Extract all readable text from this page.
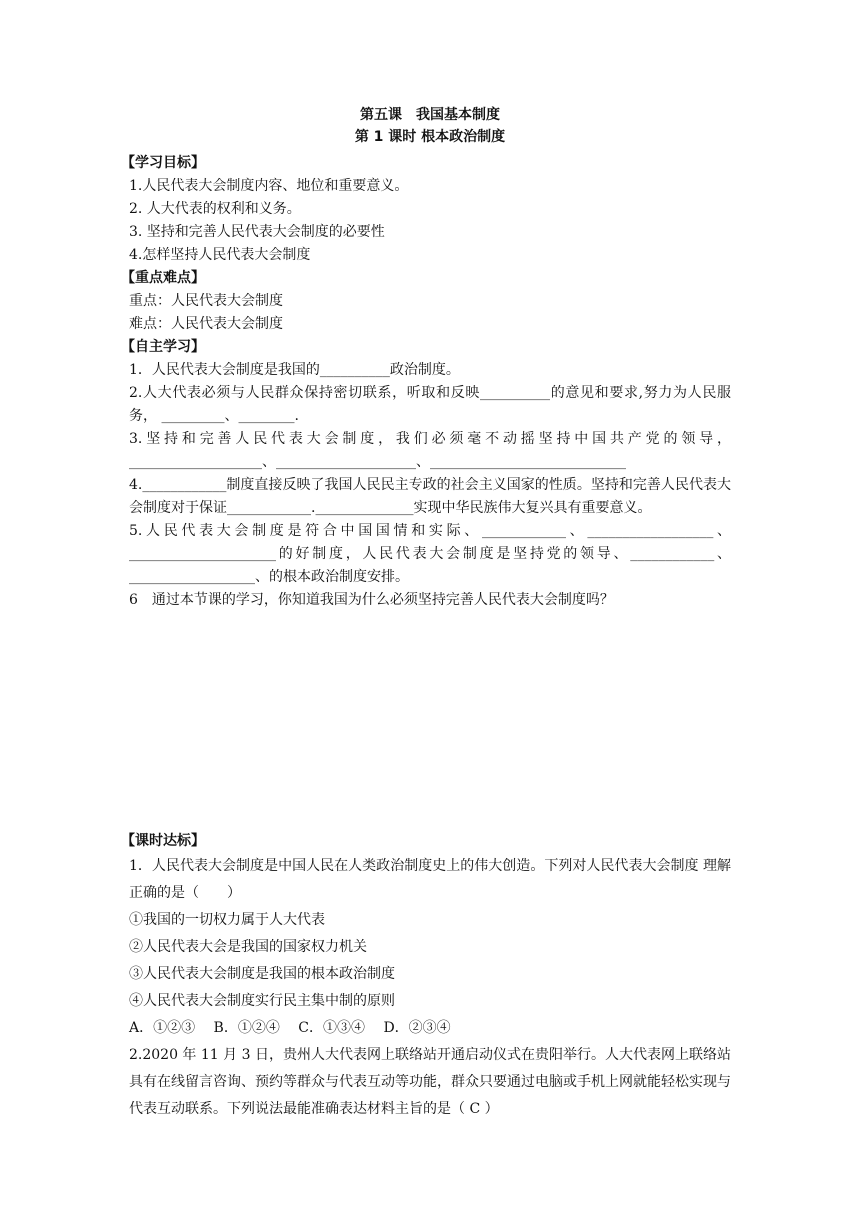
第五课　我国基本制度
第 1 课时 根本政治制度
【学习目标】
1.人民代表大会制度内容、地位和重要意义。
2. 人大代表的权利和义务。
3. 坚持和完善人民代表大会制度的必要性
4.怎样坚持人民代表大会制度
【重点难点】
重点：人民代表大会制度
难点：人民代表大会制度
【自主学习】
1．人民代表大会制度是我国的__________政治制度。
2.人大代表必须与人民群众保持密切联系，听取和反映__________的意见和要求,努力为人民服务， _________、________.
3.坚持和完善人民代表大会制度，我们必须毫不动摇坚持中国共产党的领导，___________________、____________________、____________________________
4.____________制度直接反映了我国人民民主专政的社会主义国家的性质。坚持和完善人民代表大会制度对于保证____________.______________实现中华民族伟大复兴具有重要意义。
5.人民代表大会制度是符合中国国情和实际、____________、__________________、_____________________的好制度，人民代表大会制度是坚持党的领导、____________、__________________、的根本政治制度安排。
6　通过本节课的学习，你知道我国为什么必须坚持完善人民代表大会制度吗？
【课时达标】
1．人民代表大会制度是中国人民在人类政治制度史上的伟大创造。下列对人民代表大会制度 理解正确的是（　　）
①我国的一切权力属于人大代表
②人民代表大会是我国的国家权力机关
③人民代表大会制度是我国的根本政治制度
④人民代表大会制度实行民主集中制的原则
A．①②③　 B．①②④　 C．①③④　 D．②③④
2.2020 年 11 月 3 日，贵州人大代表网上联络站开通启动仪式在贵阳举行。人大代表网上联络站具有在线留言咨询、预约等群众与代表互动等功能，群众只要通过电脑或手机上网就能轻松实现与代表互动联系。下列说法最能准确表达材料主旨的是（ C ）
